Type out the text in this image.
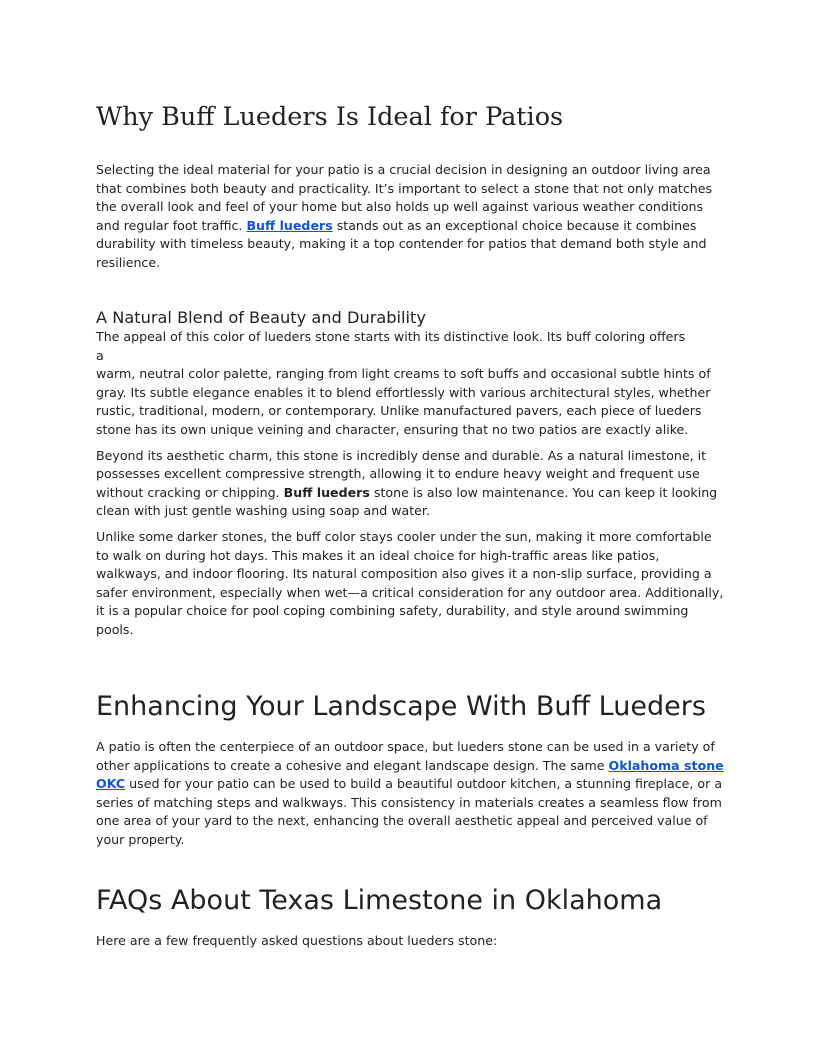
Why Buff Lueders Is Ideal for Patios

Selecting the ideal material for your patio is a crucial decision in designing an outdoor living area that combines both beauty and practicality. It’s important to select a stone that not only matches the overall look and feel of your home but also holds up well against various weather conditions and regular foot traffic. Buff lueders stands out as an exceptional choice because it combines durability with timeless beauty, making it a top contender for patios that demand both style and resilience.

A Natural Blend of Beauty and Durability

The appeal of this color of lueders stone starts with its distinctive look. Its buff coloring offers
a
warm, neutral color palette, ranging from light creams to soft buffs and occasional subtle hints of gray. Its subtle elegance enables it to blend effortlessly with various architectural styles, whether rustic, traditional, modern, or contemporary. Unlike manufactured pavers, each piece of lueders stone has its own unique veining and character, ensuring that no two patios are exactly alike.

Beyond its aesthetic charm, this stone is incredibly dense and durable. As a natural limestone, it possesses excellent compressive strength, allowing it to endure heavy weight and frequent use without cracking or chipping. Buff lueders stone is also low maintenance. You can keep it looking clean with just gentle washing using soap and water.

Unlike some darker stones, the buff color stays cooler under the sun, making it more comfortable to walk on during hot days. This makes it an ideal choice for high-traffic areas like patios, walkways, and indoor flooring. Its natural composition also gives it a non-slip surface, providing a safer environment, especially when wet—a critical consideration for any outdoor area. Additionally, it is a popular choice for pool coping combining safety, durability, and style around swimming pools.

Enhancing Your Landscape With Buff Lueders

A patio is often the centerpiece of an outdoor space, but lueders stone can be used in a variety of other applications to create a cohesive and elegant landscape design. The same Oklahoma stone OKC used for your patio can be used to build a beautiful outdoor kitchen, a stunning fireplace, or a series of matching steps and walkways. This consistency in materials creates a seamless flow from one area of your yard to the next, enhancing the overall aesthetic appeal and perceived value of your property.

FAQs About Texas Limestone in Oklahoma

Here are a few frequently asked questions about lueders stone:
